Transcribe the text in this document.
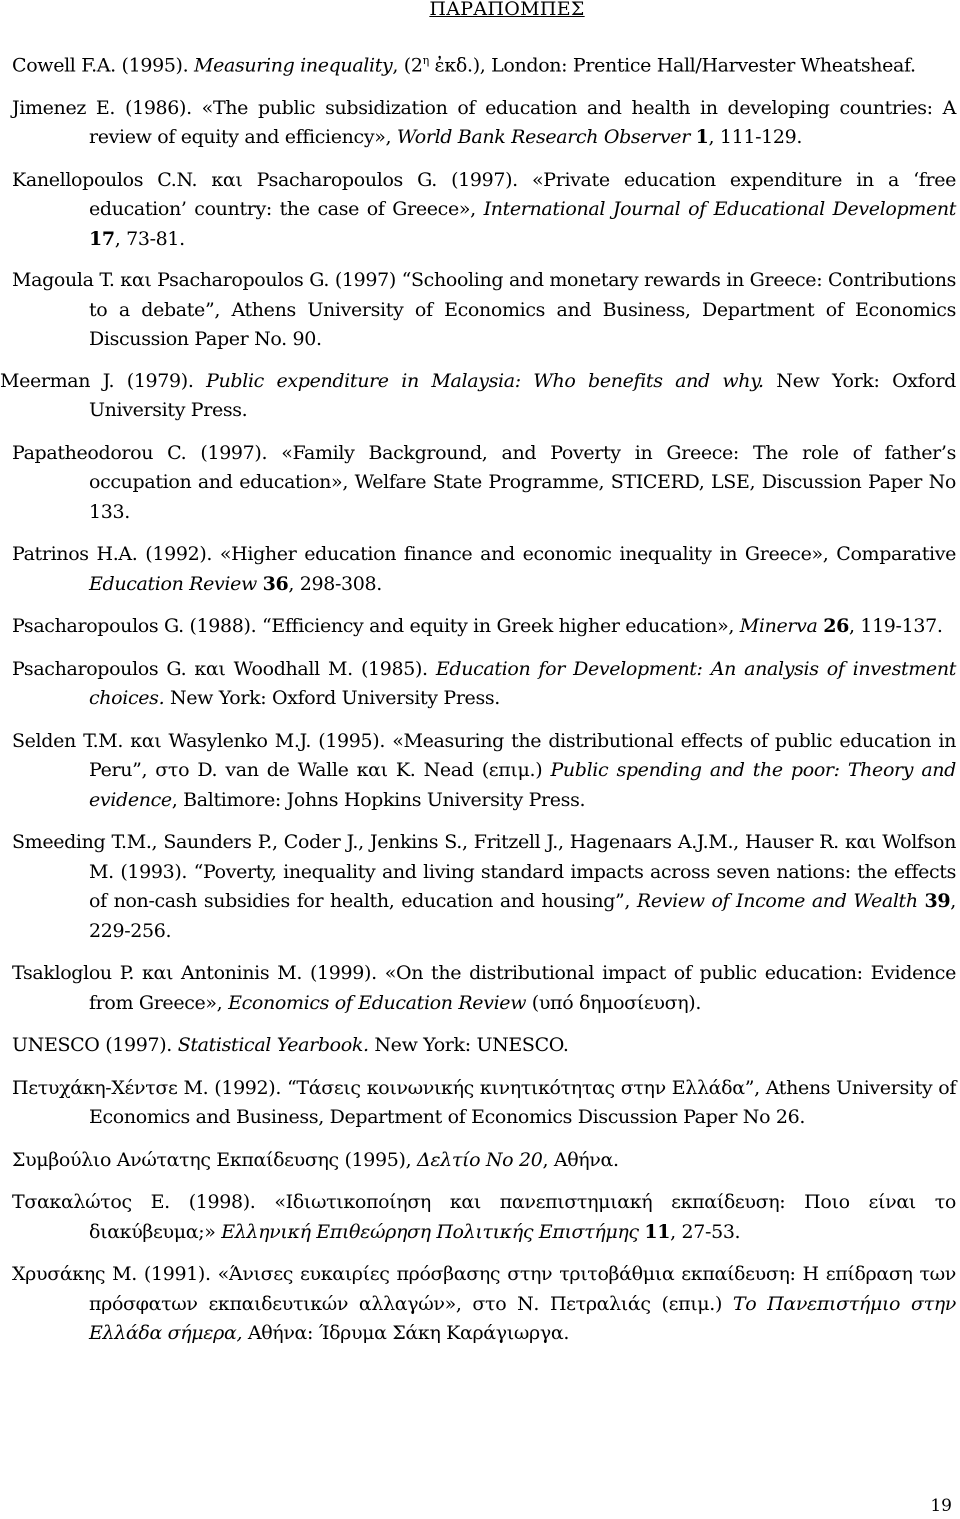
ΠΑΡΑΠΟΜΠΕΣ

Cowell F.A. (1995). Measuring inequality, ($2^\eta$ ἐκδ.), London: Prentice Hall/Harvester Wheatsheaf.

Jimenez E. (1986). «The public subsidization of education and health in developing countries: A review of equity and efficiency», World Bank Research Observer 1, 111-129.

Kanellopoulos C.N. και Psacharopoulos G. (1997). «Private education expenditure in a ‘free education’ country: the case of Greece», International Journal of Educational Development 17, 73-81.

Magoula T. και Psacharopoulos G. (1997) “Schooling and monetary rewards in Greece: Contributions to a debate”, Athens University of Economics and Business, Department of Economics Discussion Paper No. 90.

Meerman J. (1979). Public expenditure in Malaysia: Who benefits and why. New York: Oxford University Press.

Papatheodorou C. (1997). «Family Background, and Poverty in Greece: The role of father’s occupation and education», Welfare State Programme, STICERD, LSE, Discussion Paper No 133.

Patrinos H.A. (1992). «Higher education finance and economic inequality in Greece», Comparative Education Review 36, 298-308.

Psacharopoulos G. (1988). “Efficiency and equity in Greek higher education», Minerva 26, 119-137.

Psacharopoulos G. και Woodhall M. (1985). Education for Development: An analysis of investment choices. New York: Oxford University Press.

Selden T.M. και Wasylenko M.J. (1995). «Measuring the distributional effects of public education in Peru”, στο D. van de Walle και K. Nead (επιμ.) Public spending and the poor: Theory and evidence, Baltimore: Johns Hopkins University Press.

Smeeding T.M., Saunders P., Coder J., Jenkins S., Fritzell J., Hagenaars A.J.M., Hauser R. και Wolfson M. (1993). “Poverty, inequality and living standard impacts across seven nations: the effects of non-cash subsidies for health, education and housing”, Review of Income and Wealth 39, 229-256.

Tsakloglou P. και Antoninis M. (1999). «On the distributional impact of public education: Evidence from Greece», Economics of Education Review (υπό δημοσίευση).

UNESCO (1997). Statistical Yearbook. New York: UNESCO.

Πετυχάκη-Χέντσε Μ. (1992). “Τάσεις κοινωνικής κινητικότητας στην Ελλάδα”, Athens University of Economics and Business, Department of Economics Discussion Paper No 26.

Συμβούλιο Ανώτατης Εκπαίδευσης (1995), Δελτίο Νο 20, Αθήνα.

Τσακαλώτος Ε. (1998). «Ιδιωτικοποίηση και πανεπιστημιακή εκπαίδευση: Ποιο είναι το διακύβευμα;» Ελληνική Επιθεώρηση Πολιτικής Επιστήμης 11, 27-53.

Χρυσάκης Μ. (1991). «Άνισες ευκαιρίες πρόσβασης στην τριτοβάθμια εκπαίδευση: Η επίδραση των πρόσφατων εκπαιδευτικών αλλαγών», στο Ν. Πετραλιάς (επιμ.) Το Πανεπιστήμιο στην Ελλάδα σήμερα, Αθήνα: Ίδρυμα Σάκη Καράγιωργα.

19
